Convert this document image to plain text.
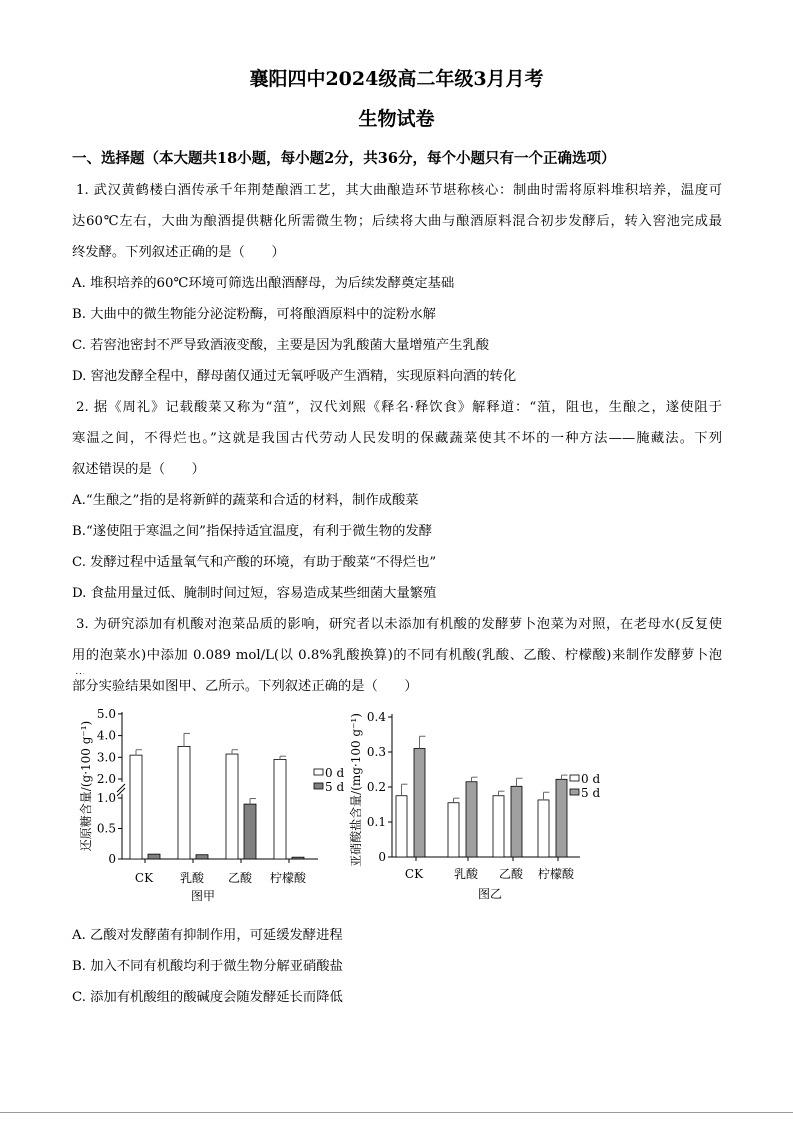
襄阳四中2024级高二年级3月月考
生物试卷
一、选择题（本大题共18小题，每小题2分，共36分，每个小题只有一个正确选项）
1. 武汉黄鹤楼白酒传承千年荆楚酿酒工艺，其大曲酿造环节堪称核心：制曲时需将原料堆积培养，温度可
达60℃左右，大曲为酿酒提供糖化所需微生物；后续将大曲与酿酒原料混合初步发酵后，转入窖池完成最
终发酵。下列叙述正确的是（　　）
A. 堆积培养的60℃环境可筛选出酿酒酵母，为后续发酵奠定基础
B. 大曲中的微生物能分泌淀粉酶，可将酿酒原料中的淀粉水解
C. 若窖池密封不严导致酒液变酸，主要是因为乳酸菌大量增殖产生乳酸
D. 窖池发酵全程中，酵母菌仅通过无氧呼吸产生酒精，实现原料向酒的转化
2. 据《周礼》记载酸菜又称为“菹”，汉代刘熙《释名·释饮食》解释道：“菹，阻也，生酿之，遂使阻于
寒温之间，不得烂也。”这就是我国古代劳动人民发明的保藏蔬菜使其不坏的一种方法——腌藏法。下列
叙述错误的是（　　）
A.“生酿之”指的是将新鲜的蔬菜和合适的材料，制作成酸菜
B.“遂使阻于寒温之间”指保持适宜温度，有利于微生物的发酵
C. 发酵过程中适量氧气和产酸的环境，有助于酸菜“不得烂也”
D. 食盐用量过低、腌制时间过短，容易造成某些细菌大量繁殖
3. 为研究添加有机酸对泡菜品质的影响，研究者以未添加有机酸的发酵萝卜泡菜为对照，在老母水(反复使
用的泡菜水)中添加 0.089 mol/L(以 0.8%乳酸换算)的不同有机酸(乳酸、乙酸、柠檬酸)来制作发酵萝卜泡
部分实验结果如图甲、乙所示。下列叙述正确的是（　　）
A. 乙酸对发酵菌有抑制作用，可延缓发酵进程
B. 加入不同有机酸均利于微生物分解亚硝酸盐
C. 添加有机酸组的酸碱度会随发酵延长而降低
0
0.5
1.0
2.0
3.0
4.0
5.0
还原糖含量/(g·100 g⁻¹)
CK 乳酸 乙酸 柠檬酸
图甲
0 d
5 d
0
0.1
0.2
0.3
0.4
亚硝酸盐含量/(mg·100 g⁻¹)
CK	乳酸 乙酸 柠檬酸
图乙
0 d
5 d
